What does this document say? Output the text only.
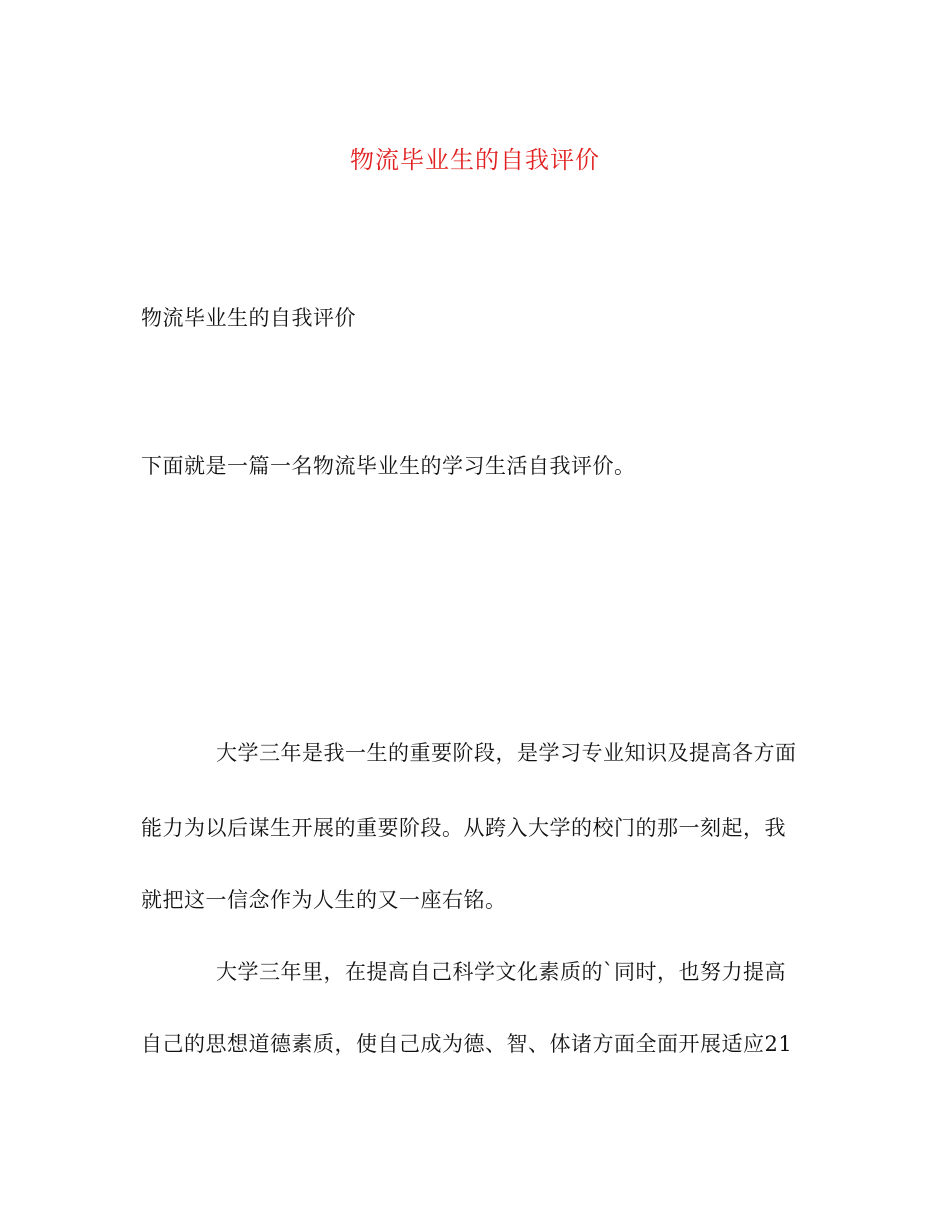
物流毕业生的自我评价
物流毕业生的自我评价
下面就是一篇一名物流毕业生的学习生活自我评价。
大学三年是我一生的重要阶段，是学习专业知识及提高各方面
能力为以后谋生开展的重要阶段。从跨入大学的校门的那一刻起，我
就把这一信念作为人生的又一座右铭。
大学三年里，在提高自己科学文化素质的`同时，也努力提高
自己的思想道德素质，使自己成为德、智、体诸方面全面开展适应21
